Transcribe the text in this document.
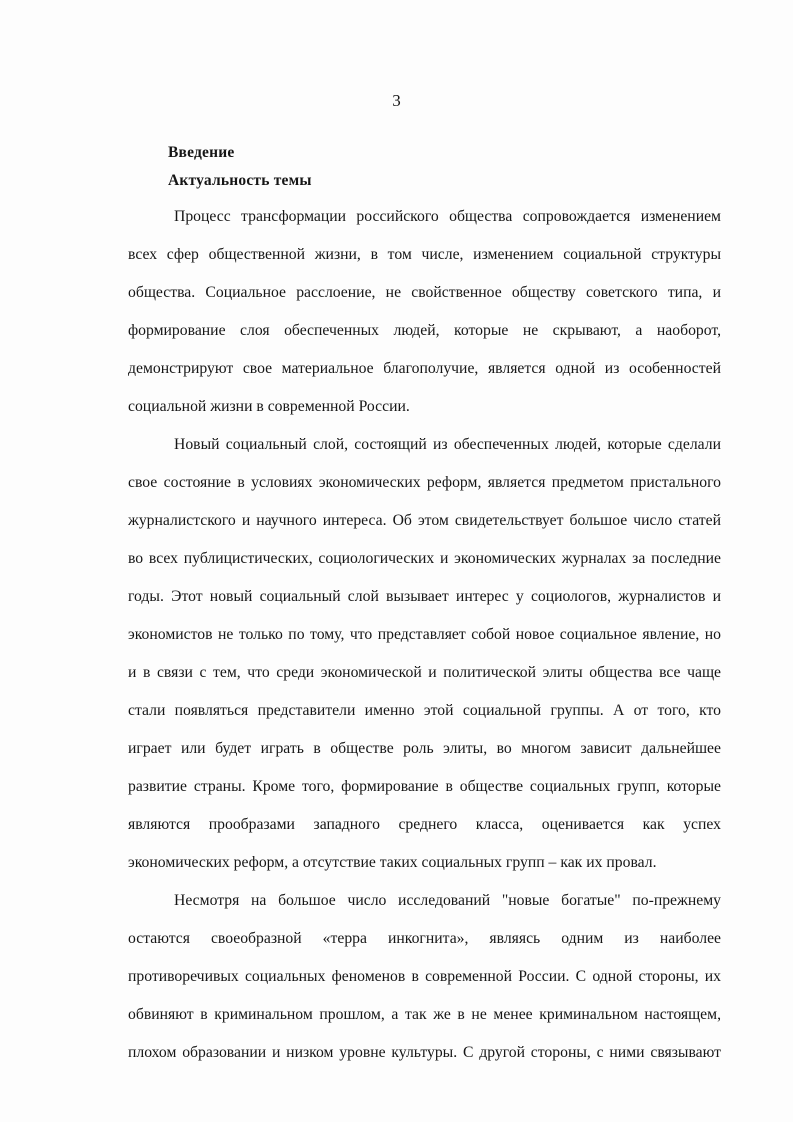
3
Введение
Актуальность темы
Процесс трансформации российского общества сопровождается изменением
всех сфер общественной жизни, в том числе, изменением социальной структуры
общества. Социальное расслоение, не свойственное обществу советского типа, и
формирование слоя обеспеченных людей, которые не скрывают, а наоборот,
демонстрируют свое материальное благополучие, является одной из особенностей
социальной жизни в современной России.
Новый социальный слой, состоящий из обеспеченных людей, которые сделали
свое состояние в условиях экономических реформ, является предметом пристального
журналистского и научного интереса. Об этом свидетельствует большое число статей
во всех публицистических, социологических и экономических журналах за последние
годы. Этот новый социальный слой вызывает интерес у социологов, журналистов и
экономистов не только по тому, что представляет собой новое социальное явление, но
и в связи с тем, что среди экономической и политической элиты общества все чаще
стали появляться представители именно этой социальной группы. А от того, кто
играет или будет играть в обществе роль элиты, во многом зависит дальнейшее
развитие страны. Кроме того, формирование в обществе социальных групп, которые
являются прообразами западного среднего класса, оценивается как успех
экономических реформ, а отсутствие таких социальных групп – как их провал.
Несмотря на большое число исследований "новые богатые" по-прежнему
остаются своеобразной «терра инкогнита», являясь одним из наиболее
противоречивых социальных феноменов в современной России. С одной стороны, их
обвиняют в криминальном прошлом, а так же в не менее криминальном настоящем,
плохом образовании и низком уровне культуры. С другой стороны, с ними связывают
